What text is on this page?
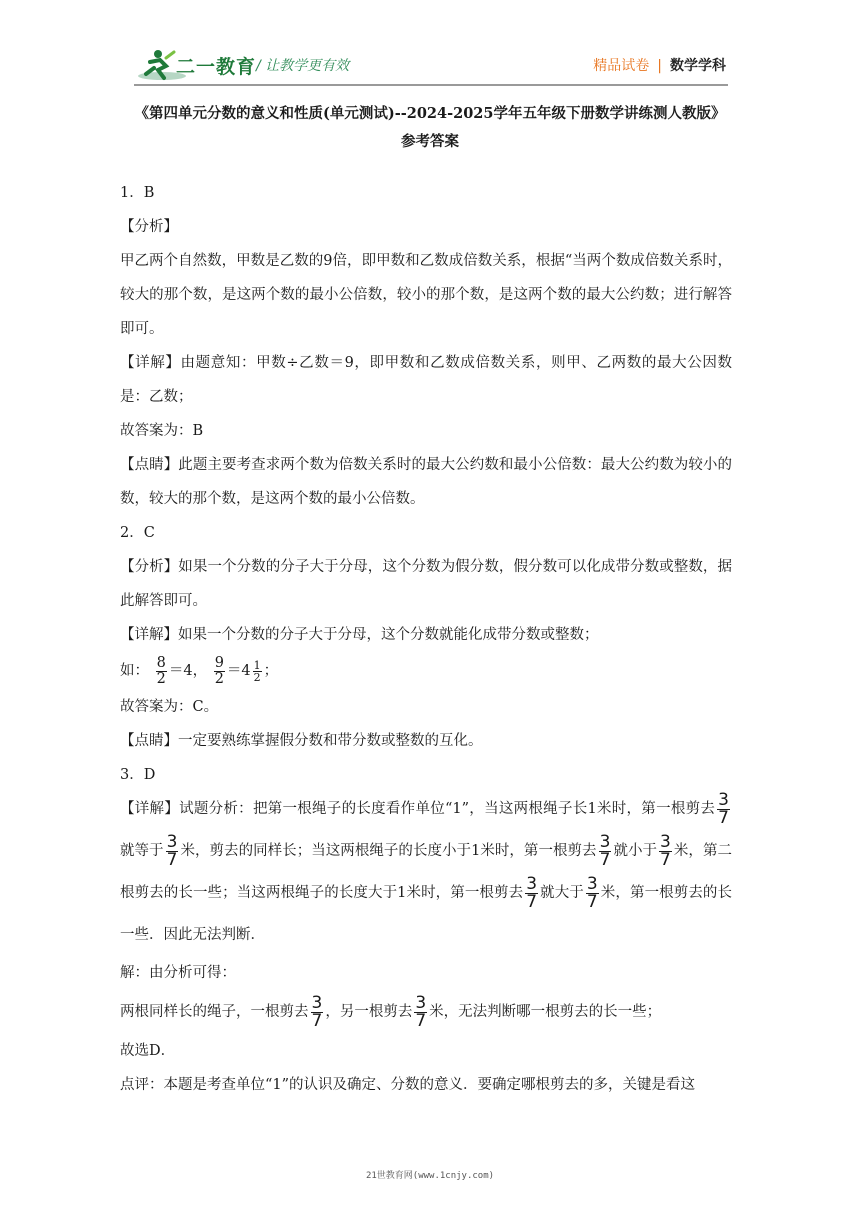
二一教育 / 让教学更有效	精品试卷 | 数学学科
《第四单元分数的意义和性质(单元测试)--2024-2025学年五年级下册数学讲练测人教版》
参考答案

1．B

【分析】

甲乙两个自然数，甲数是乙数的9倍，即甲数和乙数成倍数关系，根据“当两个数成倍数关系时，较大的那个数，是这两个数的最小公倍数，较小的那个数，是这两个数的最大公约数；进行解答即可。

【详解】由题意知：甲数÷乙数＝9，即甲数和乙数成倍数关系，则甲、乙两数的最大公因数是：乙数；

故答案为：B

【点睛】此题主要考查求两个数为倍数关系时的最大公约数和最小公倍数：最大公约数为较小的数，较大的那个数，是这两个数的最小公倍数。

2．C

【分析】如果一个分数的分子大于分母，这个分数为假分数，假分数可以化成带分数或整数，据此解答即可。

【详解】如果一个分数的分子大于分母，这个分数就能化成带分数或整数；

如： $\frac{8}{2} =4$， $\frac{9}{2} =4 \frac{1}{2}$ ；

故答案为：C。

【点睛】一定要熟练掌握假分数和带分数或整数的互化。

3．D

【详解】试题分析：把第一根绳子的长度看作单位“1”，当这两根绳子长1米时，第一根剪去 $\frac{3}{7}$
就等于 $\frac{3}{7}$ 米，剪去的同样长；当这两根绳子的长度小于1米时，第一根剪去 $\frac{3}{7}$ 就小于 $\frac{3}{7}$ 米，第二根剪去的长一些；当这两根绳子的长度大于1米时，第一根剪去 $\frac{3}{7}$ 就大于 $\frac{3}{7}$ 米，第一根剪去的长一些．因此无法判断．

解：由分析可得：

两根同样长的绳子，一根剪去 $\frac{3}{7}$ ，另一根剪去 $\frac{3}{7}$ 米，无法判断哪一根剪去的长一些；

故选D．

点评：本题是考查单位“1”的认识及确定、分数的意义．要确定哪根剪去的多，关键是看这

21世教育网(www.1cnjy.com)
